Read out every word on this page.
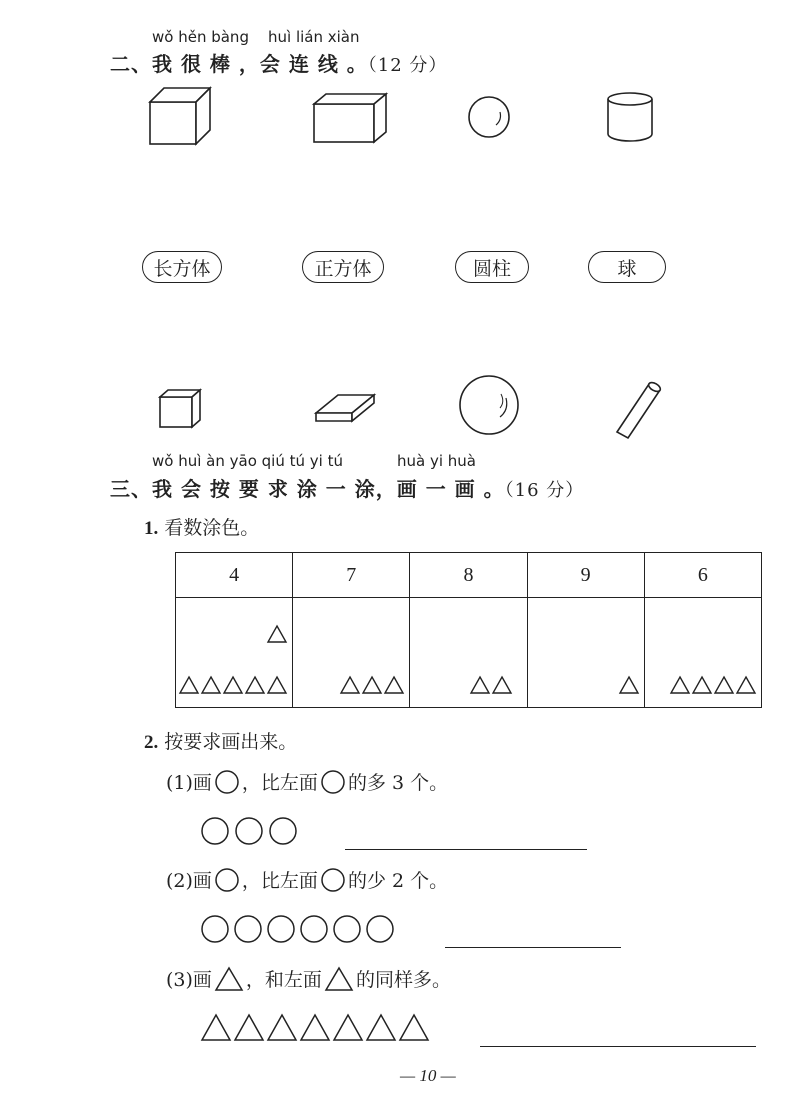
wǒ hěn bàng huì lián xiàn
二、我 很 棒 ，会 连 线 。（12 分）
长方体	正方体	圆柱	球
wǒ huì àn yāo qiú tú yi tú	huà yi huà
三、我 会 按 要 求 涂 一 涂，画 一 画 。（16 分）
1. 看数涂色。
4	7	8	9	6

2. 按要求画出来。
(1)画 ，比左面 的多 3 个。
(2)画 ，比左面 的少 2 个。
(3)画 ，和左面 的同样多。
— 10 —
